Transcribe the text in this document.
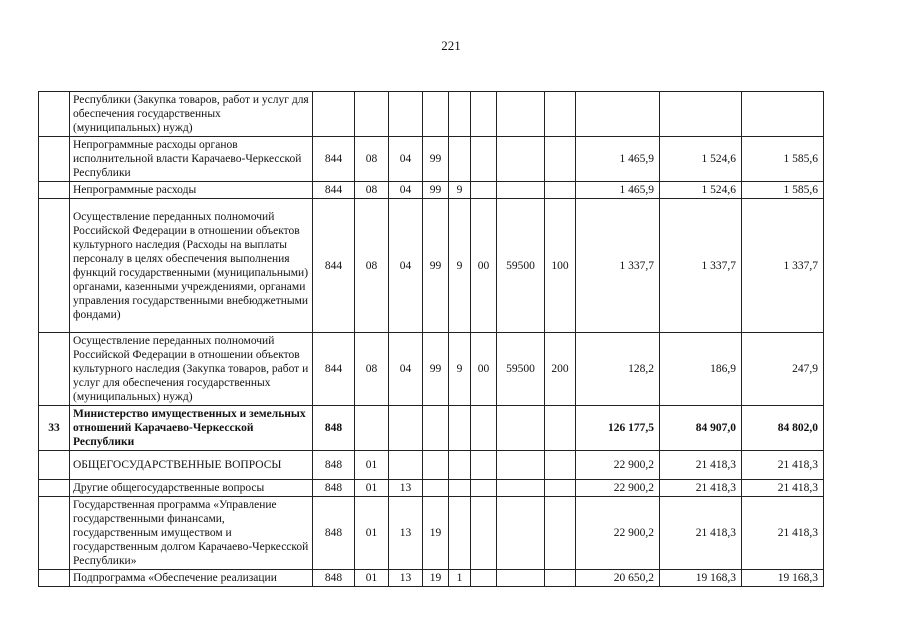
221
	Республики (Закупка товаров, работ и услуг для обеспечения государственных (муниципальных) нужд)											
	Непрограммные расходы органов исполнительной власти Карачаево-Черкесской Республики	844	08	04	99					1 465,9	1 524,6	1 585,6
	Непрограммные расходы	844	08	04	99	9				1 465,9	1 524,6	1 585,6
	Осуществление переданных полномочий Российской Федерации в отношении объектов культурного наследия (Расходы на выплаты персоналу в целях обеспечения выполнения функций государственными (муниципальными) органами, казенными учреждениями, органами управления государственными внебюджетными фондами)	844	08	04	99	9	00	59500	100	1 337,7	1 337,7	1 337,7
	Осуществление переданных полномочий Российской Федерации в отношении объектов культурного наследия (Закупка товаров, работ и услуг для обеспечения государственных (муниципальных) нужд)	844	08	04	99	9	00	59500	200	128,2	186,9	247,9
33	Министерство имущественных и земельных отношений Карачаево-Черкесской Республики	848								126 177,5	84 907,0	84 802,0
	ОБЩЕГОСУДАРСТВЕННЫЕ ВОПРОСЫ	848	01							22 900,2	21 418,3	21 418,3
	Другие общегосударственные вопросы	848	01	13						22 900,2	21 418,3	21 418,3
	Государственная программа «Управление государственными финансами, государственным имуществом и государственным долгом Карачаево-Черкесской Республики»	848	01	13	19					22 900,2	21 418,3	21 418,3
	Подпрограмма «Обеспечение реализации	848	01	13	19	1				20 650,2	19 168,3	19 168,3
